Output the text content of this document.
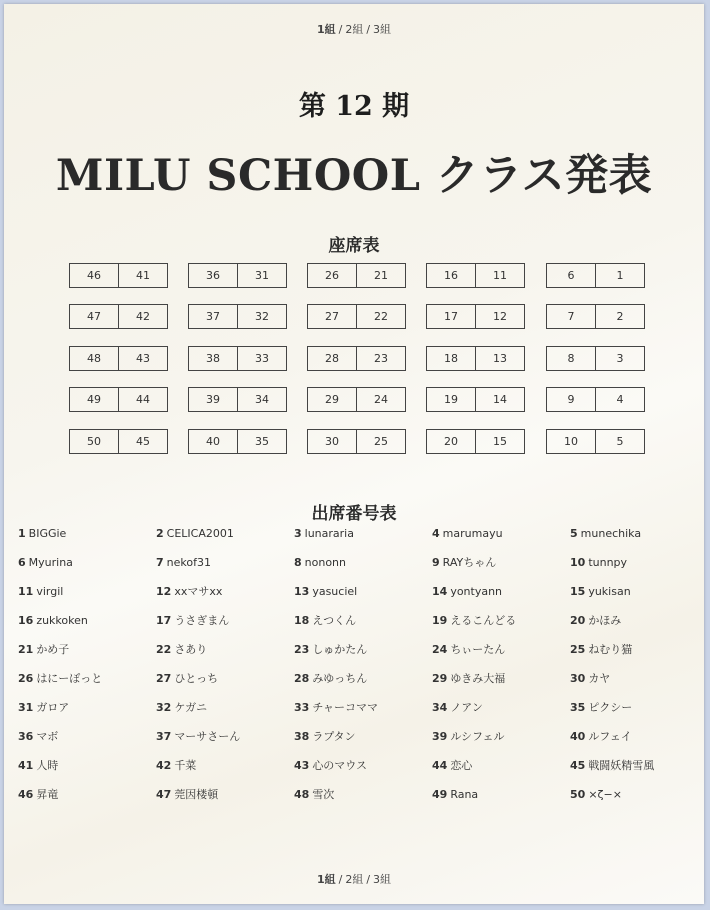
1組 / 2組 / 3組
第 12 期
MILU SCHOOL クラス発表
座席表
46	41	36	31	26	21	16	11	6	1
47	42	37	32	27	22	17	12	7	2
48	43	38	33	28	23	18	13	8	3
49	44	39	34	29	24	19	14	9	4
50	45	40	35	30	25	20	15	10	5
出席番号表
1 BIGGie	2 CELICA2001	3 lunararia	4 marumayu	5 munechika
6 Myurina	7 nekof31	8 nononn	9 RAYちゃん	10 tunnpy
11 virgil	12 xxマサxx	13 yasuciel	14 yontyann	15 yukisan
16 zukkoken	17 うさぎまん	18 えつくん	19 えるこんどる	20 かほみ
21 かめ子	22 さあり	23 しゅかたん	24 ちぃーたん	25 ねむり猫
26 はにーぽっと	27 ひとっち	28 みゆっちん	29 ゆきみ大福	30 カヤ
31 ガロア	32 ケガニ	33 チャーコママ	34 ノアン	35 ピクシー
36 マボ	37 マーサさーん	38 ラプタン	39 ルシフェル	40 ルフェイ
41 人時	42 千菜	43 心のマウス	44 恋心	45 戦闘妖精雪風
46 昇竜	47 莞因楼頓	48 雪次	49 Rana	50 ×ζ−×
1組 / 2組 / 3組
